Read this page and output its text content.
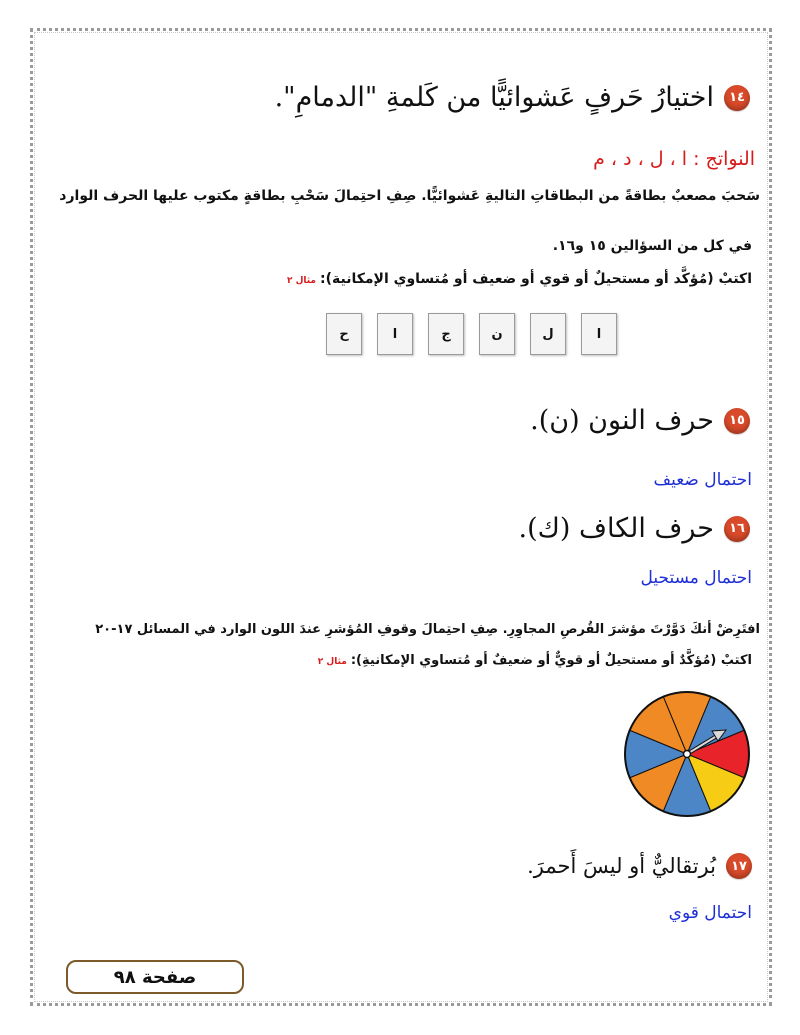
١٤
اختيارُ حَرفٍ عَشوائيًّا من كَلمةِ "الدمامِ".
النواتج : ا ، ل ، د ، م
سَحبَ مصعبٌ بطاقةً من البطاقاتِ التاليةِ عَشوائيًّا. صِفِ احتِمالَ سَحْبِ بطاقةٍ مكتوب عليها الحرف الوارد
في كل من السؤالين ١٥ و١٦.
اكتبْ (مُؤكَّد أو مستحيلٌ أو قوي أو ضعيف أو مُتساوي الإمكانية):مثال ٢
ا
ل
ن
ج
ا
ح
١٥
حرف النون (ن).
احتمال ضعيف
١٦
حرف الكاف (ك).
احتمال مستحيل
افتَرِضْ أنكَ دَوَّرْتَ مؤشرَ القُرصِ المجاوِرِ. صِفِ احتِمالَ وقوفِ المُؤشرِ عندَ اللون الوارد في المسائل ١٧-٢٠
اكتبْ (مُؤكَّدٌ أو مستحيلٌ أو قويٌّ أو ضعيفٌ أو مُتساوي الإمكانيةِ):مثال ٢
١٧
بُرتقاليٌّ أو ليسَ أَحمرَ.
احتمال قوي
صفحة ٩٨
